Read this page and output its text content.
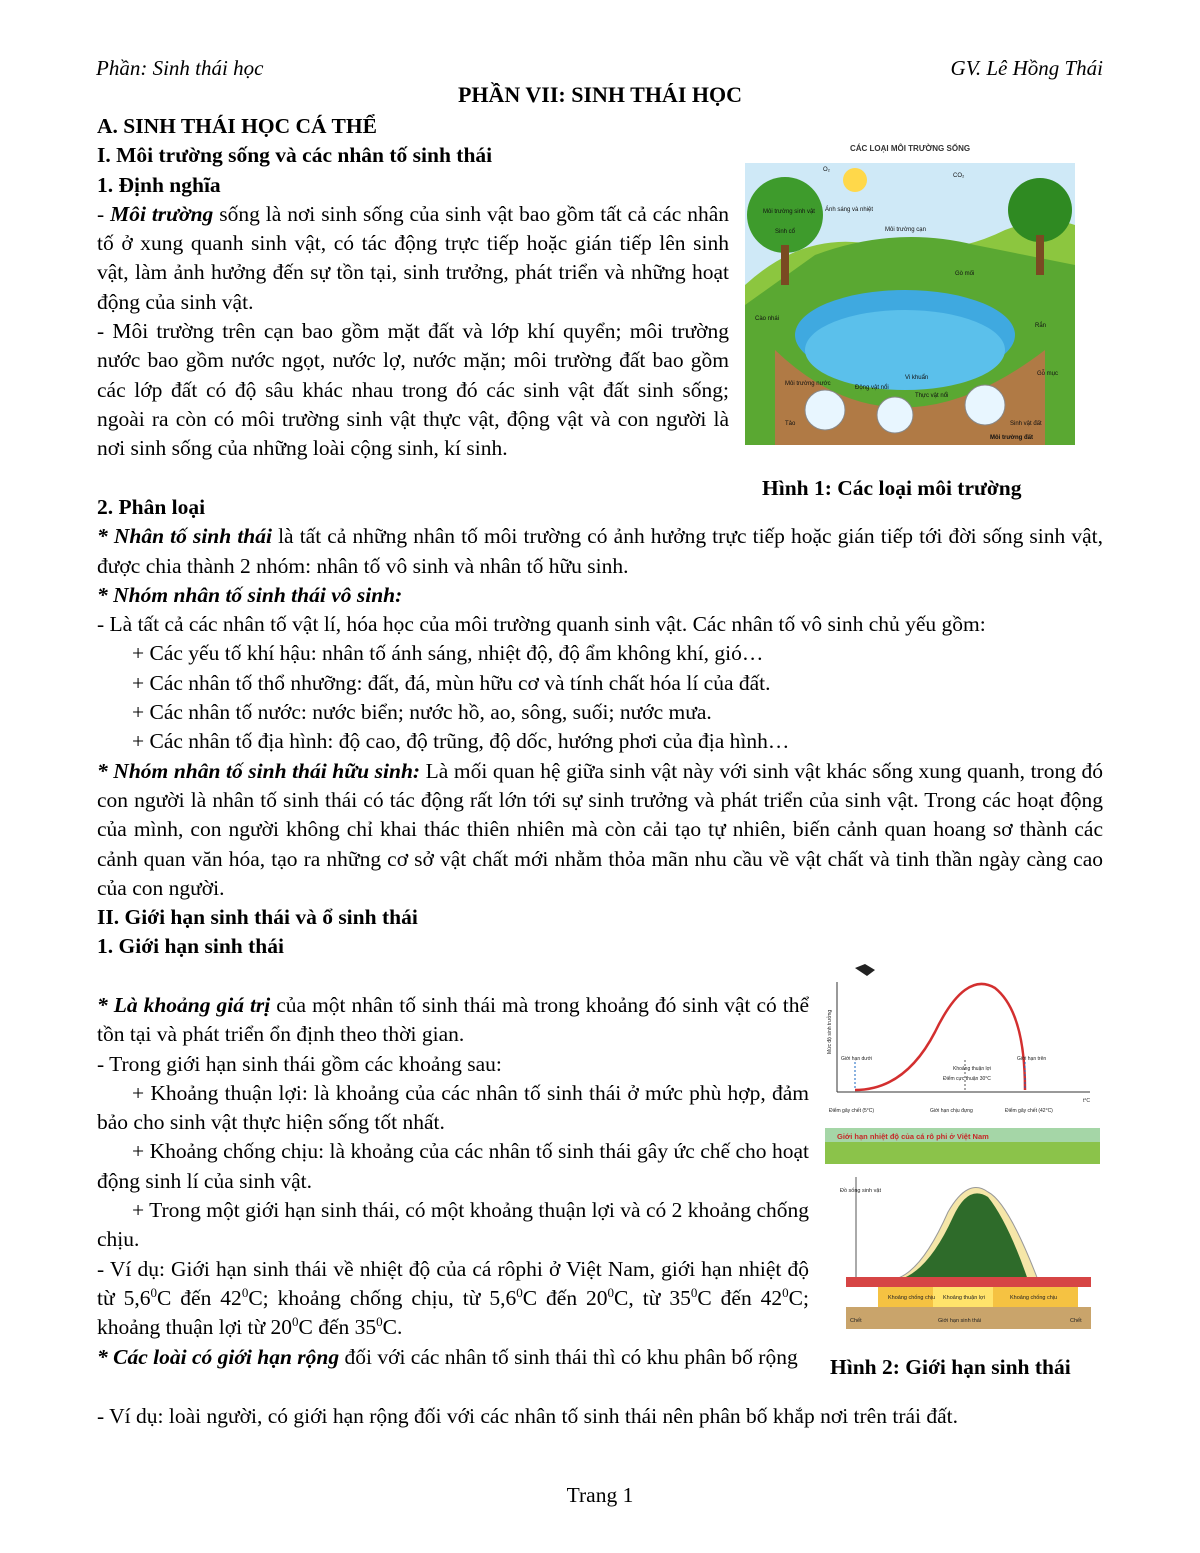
Phần: Sinh thái học	GV. Lê Hồng Thái
PHẦN VII: SINH THÁI HỌC

A. SINH THÁI HỌC CÁ THỂ

I. Môi trường sống và các nhân tố sinh thái

1. Định nghĩa

- Môi trường sống là nơi sinh sống của sinh vật bao gồm tất cả các nhân tố ở xung quanh sinh vật, có tác động trực tiếp hoặc gián tiếp lên sinh vật, làm ảnh hưởng đến sự tồn tại, sinh trưởng, phát triển và những hoạt động của sinh vật.

- Môi trường trên cạn bao gồm mặt đất và lớp khí quyển; môi trường nước bao gồm nước ngọt, nước lợ, nước mặn; môi trường đất bao gồm các lớp đất có độ sâu khác nhau trong đó các sinh vật đất sinh sống; ngoài ra còn có môi trường sinh vật thực vật, động vật và con người là nơi sinh sống của những loài cộng sinh, kí sinh.

CÁC LOẠI MÔI TRƯỜNG SỐNG
O₂
CO₂
Ánh sáng và nhiệt
Môi trường sinh vật
Sinh cổ	Môi trường cạn
Gò mối
Cào nhái
Rắn
Môi trường nước
Động vật nổi
Vi khuẩn
Thực vật nổi
Gỗ mục
Tảo	Sinh vật đất
Môi trường đất
Hình 1: Các loại môi trường

2. Phân loại

* Nhân tố sinh thái là tất cả những nhân tố môi trường có ảnh hưởng trực tiếp hoặc gián tiếp tới đời sống sinh vật, được chia thành 2 nhóm: nhân tố vô sinh và nhân tố hữu sinh.

* Nhóm nhân tố sinh thái vô sinh:

- Là tất cả các nhân tố vật lí, hóa học của môi trường quanh sinh vật. Các nhân tố vô sinh chủ yếu gồm:

+ Các yếu tố khí hậu: nhân tố ánh sáng, nhiệt độ, độ ẩm không khí, gió…

+ Các nhân tố thổ nhưỡng: đất, đá, mùn hữu cơ và tính chất hóa lí của đất.

+ Các nhân tố nước: nước biển; nước hồ, ao, sông, suối; nước mưa.

+ Các nhân tố địa hình: độ cao, độ trũng, độ dốc, hướng phơi của địa hình…

* Nhóm nhân tố sinh thái hữu sinh: Là mối quan hệ giữa sinh vật này với sinh vật khác sống xung quanh, trong đó con người là nhân tố sinh thái có tác động rất lớn tới sự sinh trưởng và phát triển của sinh vật. Trong các hoạt động của mình, con người không chỉ khai thác thiên nhiên mà còn cải tạo tự nhiên, biến cảnh quan hoang sơ thành các cảnh quan văn hóa, tạo ra những cơ sở vật chất mới nhằm thỏa mãn nhu cầu về vật chất và tinh thần ngày càng cao của con người.

II. Giới hạn sinh thái và ổ sinh thái

1. Giới hạn sinh thái

* Là khoảng giá trị của một nhân tố sinh thái mà trong khoảng đó sinh vật có thể tồn tại và phát triển ổn định theo thời gian.

- Trong giới hạn sinh thái gồm các khoảng sau:

+ Khoảng thuận lợi: là khoảng của các nhân tố sinh thái ở mức phù hợp, đảm bảo cho sinh vật thực hiện sống tốt nhất.

+ Khoảng chống chịu: là khoảng của các nhân tố sinh thái gây ức chế cho hoạt động sinh lí của sinh vật.

+ Trong một giới hạn sinh thái, có một khoảng thuận lợi và có 2 khoảng chống chịu.

- Ví dụ: Giới hạn sinh thái về nhiệt độ của cá rôphi ở Việt Nam, giới hạn nhiệt độ từ $5,6^0C$ đến $42^0C$; khoảng chống chịu, từ $5,6^0C$ đến $20^0C$, từ $35^0C$ đến $42^0C$; khoảng thuận lợi từ $20^0C$ đến $35^0C$.

* Các loài có giới hạn rộng đối với các nhân tố sinh thái thì có khu phân bố rộng

- Ví dụ: loài người, có giới hạn rộng đối với các nhân tố sinh thái nên phân bố khắp nơi trên trái đất.
Mức độ sinh trưởng
t°C
Giới hạn dưới	Giới hạn trên
Khoảng thuận lợi
Điểm cực thuận 30°C
Điểm gây chết (5°C)	Giới hạn chịu đựng	Điểm gây chết (42°C)
Giới hạn nhiệt độ của cá rô phi ở Việt Nam
Đồ sống sinh vật
Khoảng chống chịu Khoảng thuận lợi	Khoảng chống chịu
Chết	Giới hạn sinh thái	Chết
Hình 2: Giới hạn sinh thái
Trang 1
